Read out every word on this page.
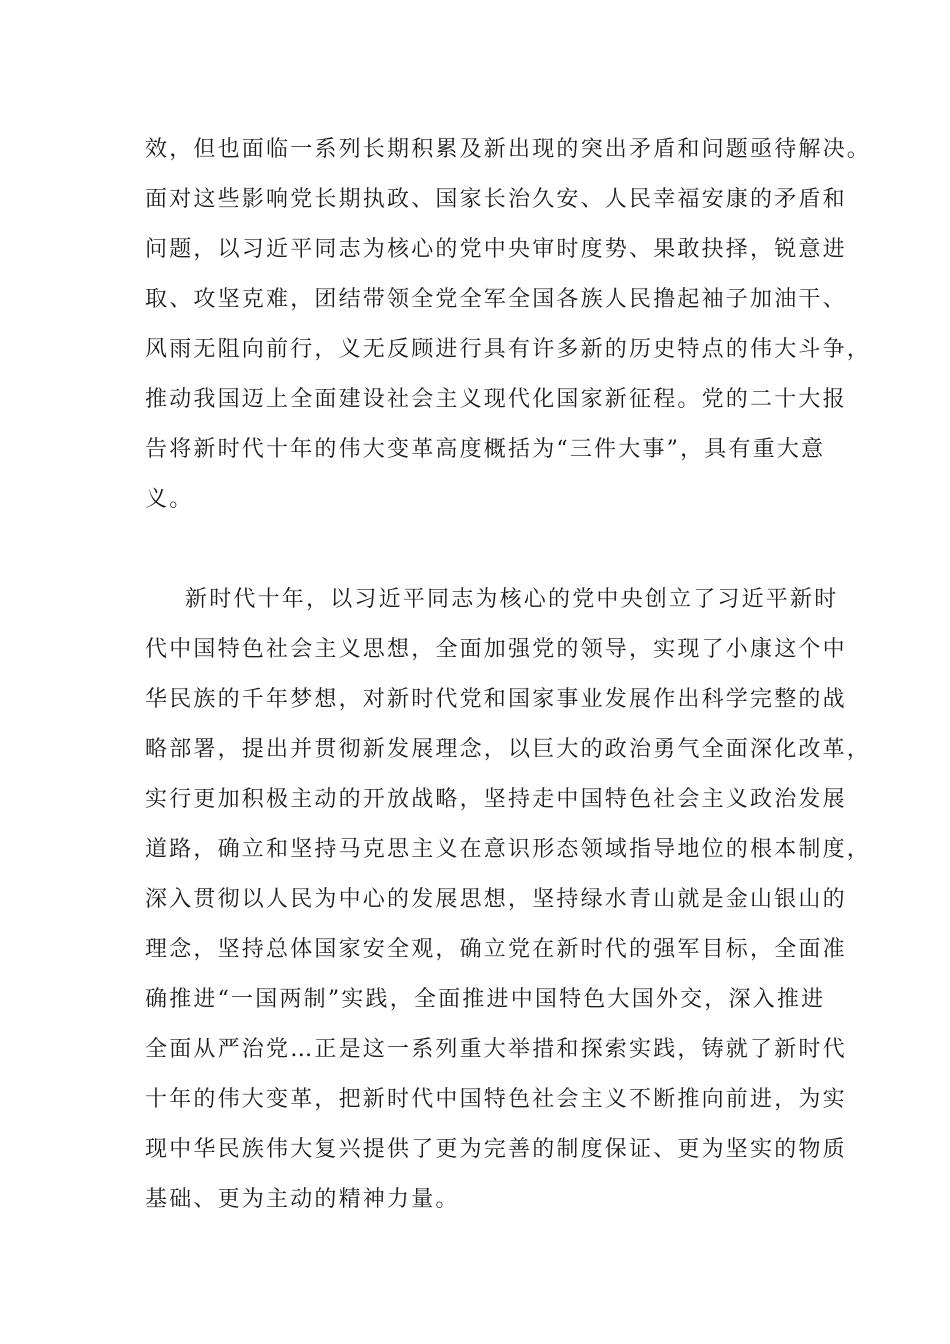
效，但也面临一系列长期积累及新出现的突出矛盾和问题亟待解决。
面对这些影响党长期执政、国家长治久安、人民幸福安康的矛盾和
问题，以习近平同志为核心的党中央审时度势、果敢抉择，锐意进
取、攻坚克难，团结带领全党全军全国各族人民撸起袖子加油干、
风雨无阻向前行，义无反顾进行具有许多新的历史特点的伟大斗争，
推动我国迈上全面建设社会主义现代化国家新征程。党的二十大报
告将新时代十年的伟大变革高度概括为“三件大事”，具有重大意
义。
新时代十年，以习近平同志为核心的党中央创立了习近平新时
代中国特色社会主义思想，全面加强党的领导，实现了小康这个中
华民族的千年梦想，对新时代党和国家事业发展作出科学完整的战
略部署，提出并贯彻新发展理念，以巨大的政治勇气全面深化改革，
实行更加积极主动的开放战略，坚持走中国特色社会主义政治发展
道路，确立和坚持马克思主义在意识形态领域指导地位的根本制度，
深入贯彻以人民为中心的发展思想，坚持绿水青山就是金山银山的
理念，坚持总体国家安全观，确立党在新时代的强军目标，全面准
确推进“一国两制”实践，全面推进中国特色大国外交，深入推进
全面从严治党…正是这一系列重大举措和探索实践，铸就了新时代
十年的伟大变革，把新时代中国特色社会主义不断推向前进，为实
现中华民族伟大复兴提供了更为完善的制度保证、更为坚实的物质
基础、更为主动的精神力量。
